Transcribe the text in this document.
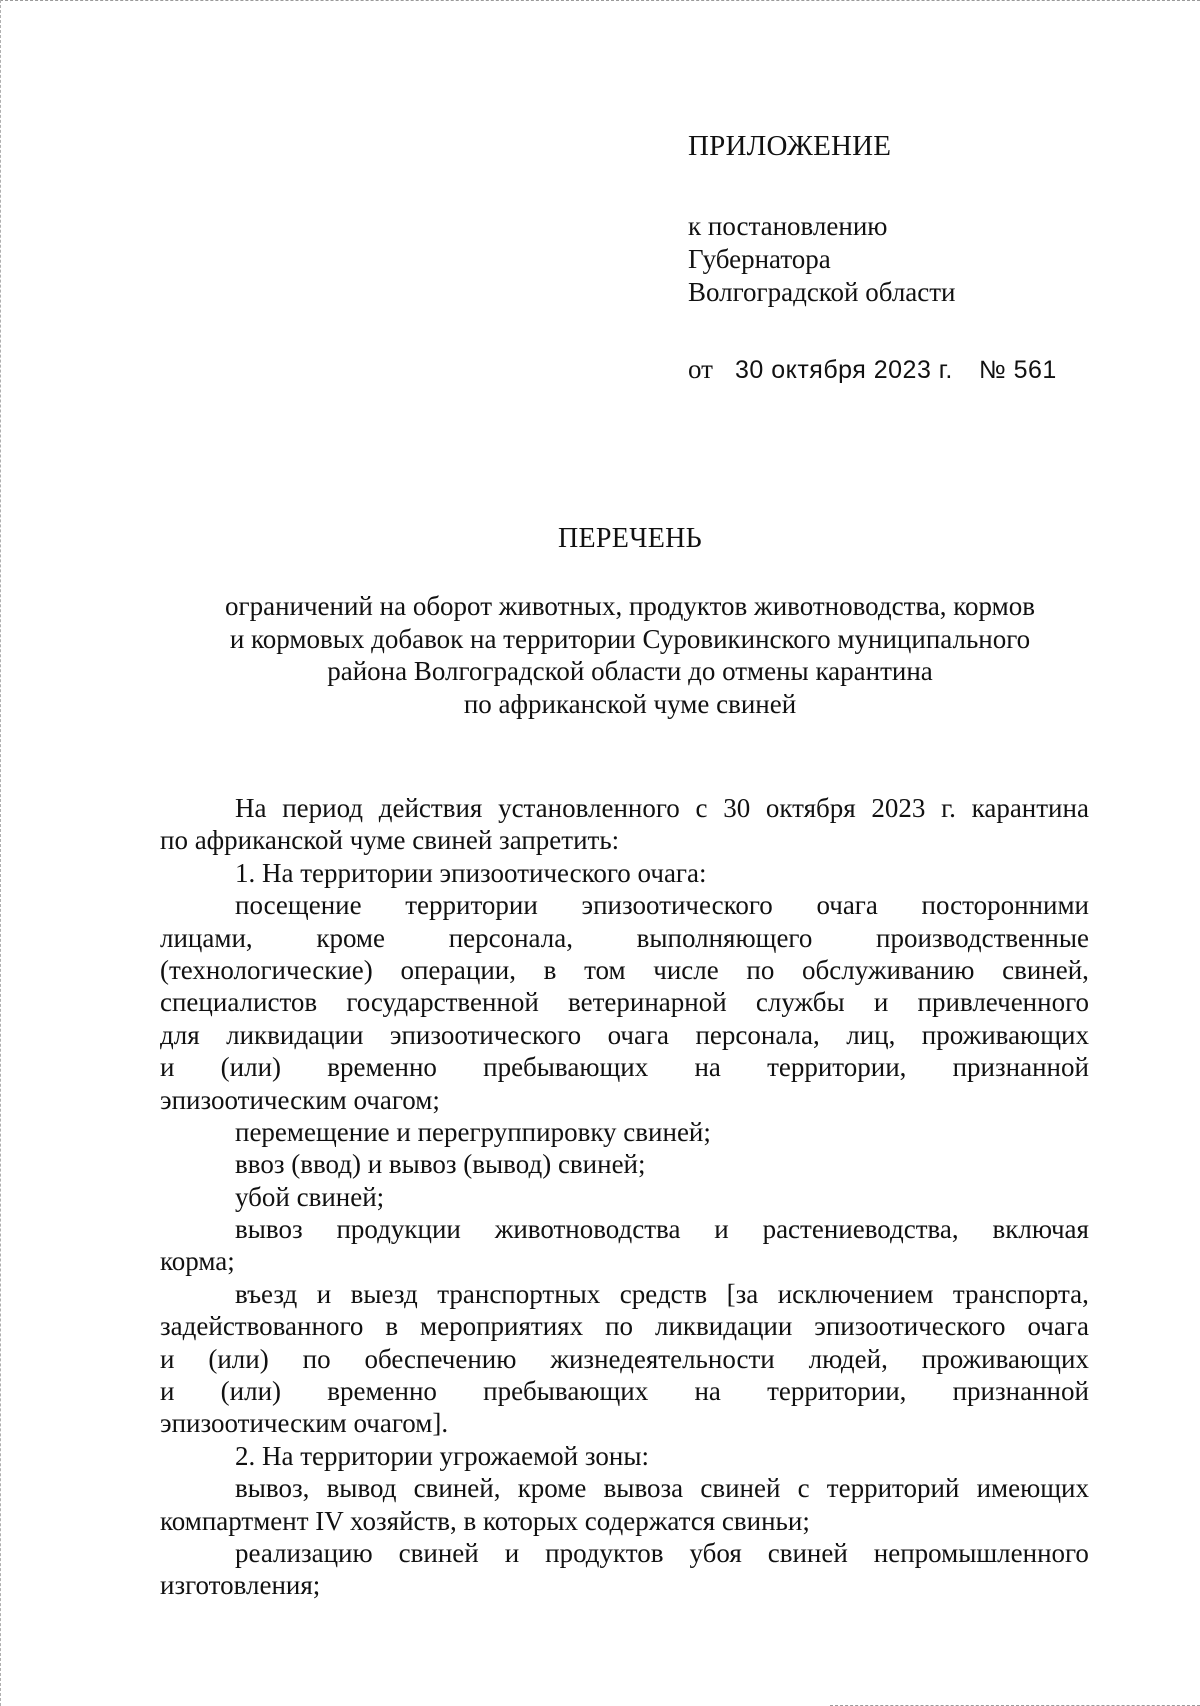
ПРИЛОЖЕНИЕ
к постановлению
Губернатора
Волгоградской области
от 30 октября 2023 г. № 561
ПЕРЕЧЕНЬ
ограничений на оборот животных, продуктов животноводства, кормов
и кормовых добавок на территории Суровикинского муниципального
района Волгоградской области до отмены карантина
по африканской чуме свиней
На период действия установленного с 30 октября 2023 г. карантина
по африканской чуме свиней запретить:
1. На территории эпизоотического очага:
посещение территории эпизоотического очага посторонними
лицами, кроме персонала, выполняющего производственные
(технологические) операции, в том числе по обслуживанию свиней,
специалистов государственной ветеринарной службы и привлеченного
для ликвидации эпизоотического очага персонала, лиц, проживающих
и (или) временно пребывающих на территории, признанной
эпизоотическим очагом;
перемещение и перегруппировку свиней;
ввоз (ввод) и вывоз (вывод) свиней;
убой свиней;
вывоз продукции животноводства и растениеводства, включая
корма;
въезд и выезд транспортных средств [за исключением транспорта,
задействованного в мероприятиях по ликвидации эпизоотического очага
и (или) по обеспечению жизнедеятельности людей, проживающих
и (или) временно пребывающих на территории, признанной
эпизоотическим очагом].
2. На территории угрожаемой зоны:
вывоз, вывод свиней, кроме вывоза свиней с территорий имеющих
компартмент IV хозяйств, в которых содержатся свиньи;
реализацию свиней и продуктов убоя свиней непромышленного
изготовления;
